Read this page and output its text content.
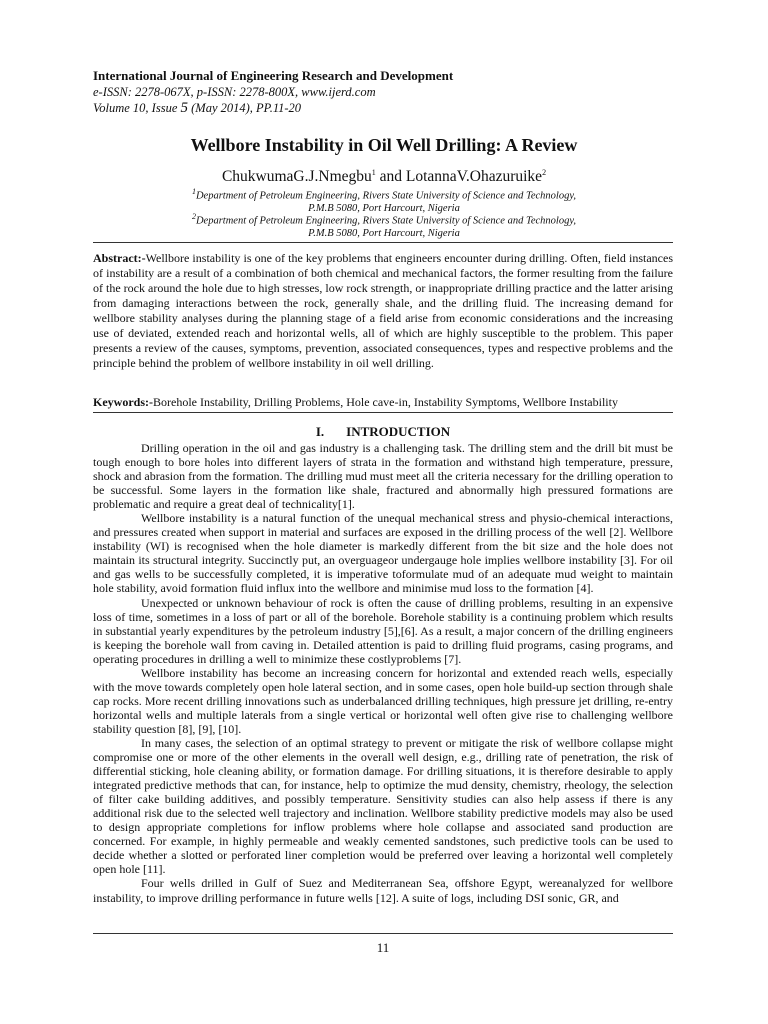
International Journal of Engineering Research and Development
e-ISSN: 2278-067X, p-ISSN: 2278-800X, www.ijerd.com
Volume 10, Issue 5 (May 2014), PP.11-20
Wellbore Instability in Oil Well Drilling: A Review
ChukwumaG.J.Nmegbu$^1$ and LotannaV.Ohazuruike$^2$
$^1$Department of Petroleum Engineering, Rivers State University of Science and Technology,
P.M.B 5080, Port Harcourt, Nigeria
$^2$Department of Petroleum Engineering, Rivers State University of Science and Technology,
P.M.B 5080, Port Harcourt, Nigeria
Abstract:-Wellbore instability is one of the key problems that engineers encounter during drilling. Often, field instances of instability are a result of a combination of both chemical and mechanical factors, the former resulting from the failure of the rock around the hole due to high stresses, low rock strength, or inappropriate drilling practice and the latter arising from damaging interactions between the rock, generally shale, and the drilling fluid. The increasing demand for wellbore stability analyses during the planning stage of a field arise from economic considerations and the increasing use of deviated, extended reach and horizontal wells, all of which are highly susceptible to the problem. This paper presents a review of the causes, symptoms, prevention, associated consequences, types and respective problems and the principle behind the problem of wellbore instability in oil well drilling.
Keywords:-Borehole Instability, Drilling Problems, Hole cave-in, Instability Symptoms, Wellbore Instability
I. INTRODUCTION

Drilling operation in the oil and gas industry is a challenging task. The drilling stem and the drill bit must be tough enough to bore holes into different layers of strata in the formation and withstand high temperature, pressure, shock and abrasion from the formation. The drilling mud must meet all the criteria necessary for the drilling operation to be successful. Some layers in the formation like shale, fractured and abnormally high pressured formations are problematic and require a great deal of technicality[1].

Wellbore instability is a natural function of the unequal mechanical stress and physio-chemical interactions, and pressures created when support in material and surfaces are exposed in the drilling process of the well [2]. Wellbore instability (WI) is recognised when the hole diameter is markedly different from the bit size and the hole does not maintain its structural integrity. Succinctly put, an overguageor undergauge hole implies wellbore instability [3]. For oil and gas wells to be successfully completed, it is imperative toformulate mud of an adequate mud weight to maintain hole stability, avoid formation fluid influx into the wellbore and minimise mud loss to the formation [4].

Unexpected or unknown behaviour of rock is often the cause of drilling problems, resulting in an expensive loss of time, sometimes in a loss of part or all of the borehole. Borehole stability is a continuing problem which results in substantial yearly expenditures by the petroleum industry [5],[6]. As a result, a major concern of the drilling engineers is keeping the borehole wall from caving in. Detailed attention is paid to drilling fluid programs, casing programs, and operating procedures in drilling a well to minimize these costlyproblems [7].

Wellbore instability has become an increasing concern for horizontal and extended reach wells, especially with the move towards completely open hole lateral section, and in some cases, open hole build-up section through shale cap rocks. More recent drilling innovations such as underbalanced drilling techniques, high pressure jet drilling, re-entry horizontal wells and multiple laterals from a single vertical or horizontal well often give rise to challenging wellbore stability question [8], [9], [10].

In many cases, the selection of an optimal strategy to prevent or mitigate the risk of wellbore collapse might compromise one or more of the other elements in the overall well design, e.g., drilling rate of penetration, the risk of differential sticking, hole cleaning ability, or formation damage. For drilling situations, it is therefore desirable to apply integrated predictive methods that can, for instance, help to optimize the mud density, chemistry, rheology, the selection of filter cake building additives, and possibly temperature. Sensitivity studies can also help assess if there is any additional risk due to the selected well trajectory and inclination. Wellbore stability predictive models may also be used to design appropriate completions for inflow problems where hole collapse and associated sand production are concerned. For example, in highly permeable and weakly cemented sandstones, such predictive tools can be used to decide whether a slotted or perforated liner completion would be preferred over leaving a horizontal well completely open hole [11].

Four wells drilled in Gulf of Suez and Mediterranean Sea, offshore Egypt, wereanalyzed for wellbore instability, to improve drilling performance in future wells [12]. A suite of logs, including DSI sonic, GR, and

11
